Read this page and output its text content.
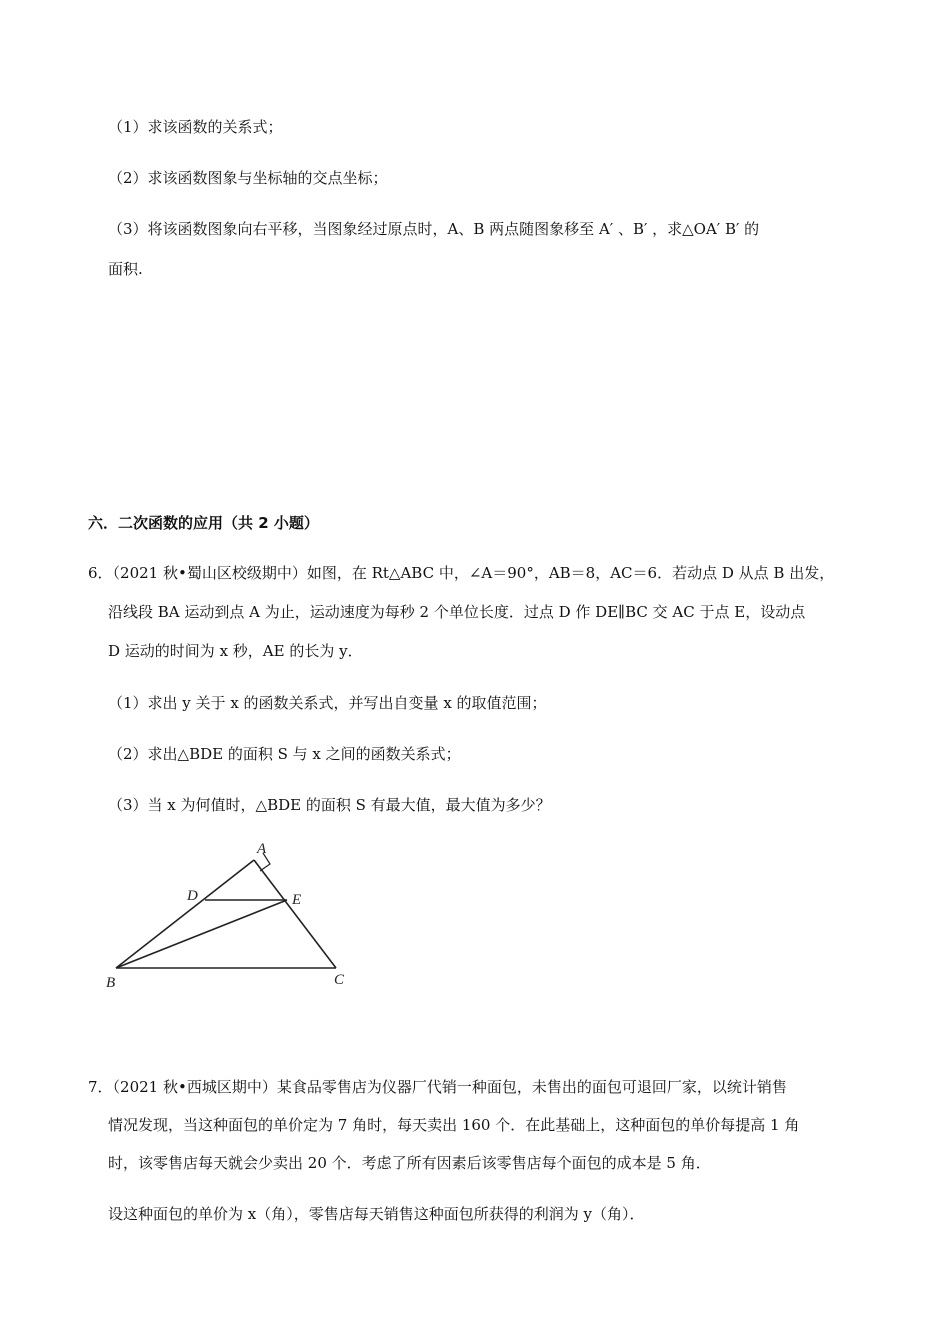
（1）求该函数的关系式；
（2）求该函数图象与坐标轴的交点坐标；
（3）将该函数图象向右平移，当图象经过原点时，A、B 两点随图象移至 A′ 、B′ ，求△OA′ B′ 的
面积.
六．二次函数的应用（共 2 小题）
6．（2021 秋•蜀山区校级期中）如图，在 Rt△ABC 中，∠A＝90°，AB＝8，AC＝6．若动点 D 从点 B 出发，
沿线段 BA 运动到点 A 为止，运动速度为每秒 2 个单位长度．过点 D 作 DE∥BC 交 AC 于点 E，设动点
D 运动的时间为 x 秒，AE 的长为 y．
（1）求出 y 关于 x 的函数关系式，并写出自变量 x 的取值范围；
（2）求出△BDE 的面积 S 与 x 之间的函数关系式；
（3）当 x 为何值时，△BDE 的面积 S 有最大值，最大值为多少？
A
B	C
D	E
7．（2021 秋•西城区期中）某食品零售店为仪器厂代销一种面包，未售出的面包可退回厂家，以统计销售
情况发现，当这种面包的单价定为 7 角时，每天卖出 160 个．在此基础上，这种面包的单价每提高 1 角
时，该零售店每天就会少卖出 20 个．考虑了所有因素后该零售店每个面包的成本是 5 角．
设这种面包的单价为 x（角），零售店每天销售这种面包所获得的利润为 y（角）．
